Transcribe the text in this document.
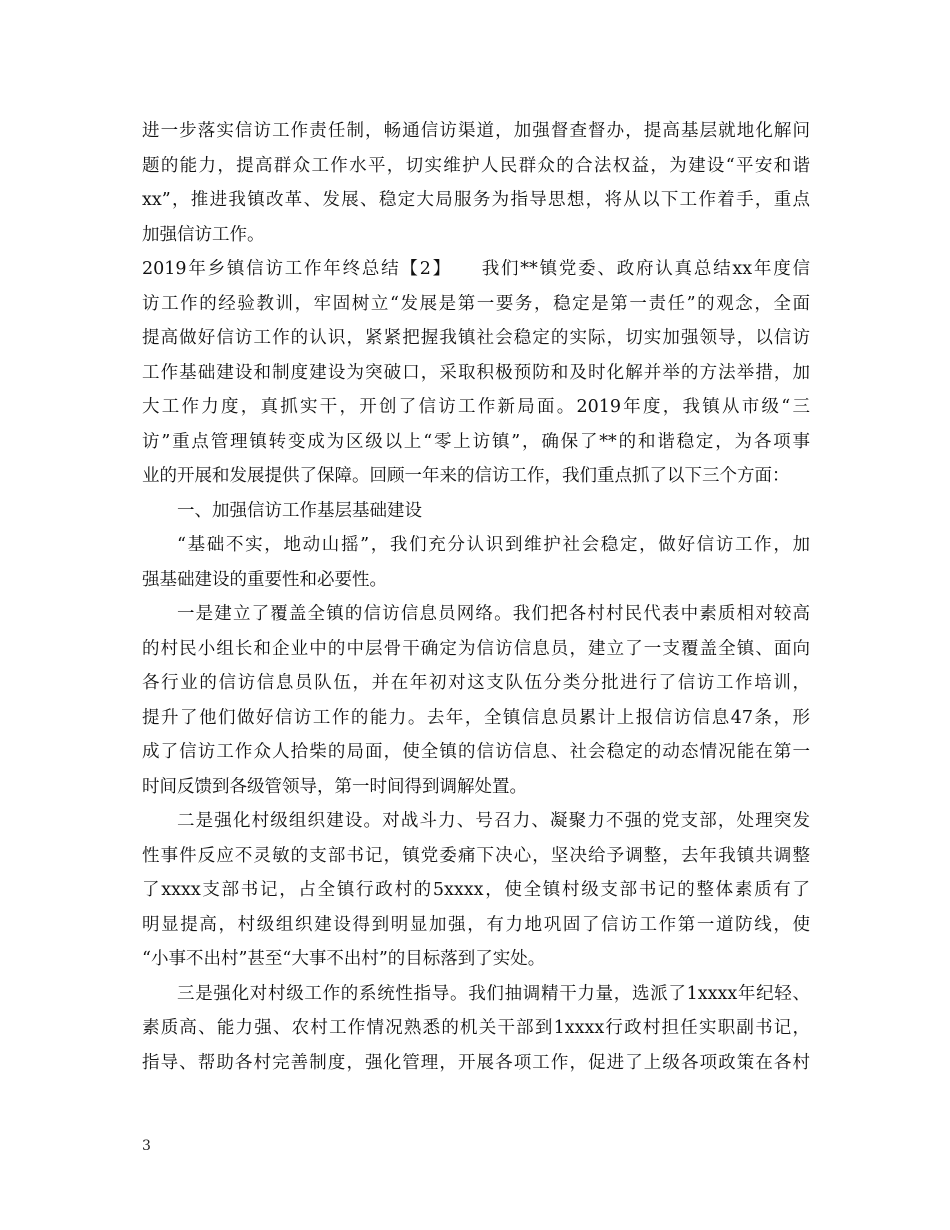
进一步落实信访工作责任制，畅通信访渠道，加强督查督办，提高基层就地化解问
题的能力，提高群众工作水平，切实维护人民群众的合法权益，为建设“平安和谐
xx”，推进我镇改革、发展、稳定大局服务为指导思想，将从以下工作着手，重点
加强信访工作。
2019年乡镇信访工作年终总结【2】　　我们**镇党委、政府认真总结xx年度信
访工作的经验教训，牢固树立“发展是第一要务，稳定是第一责任”的观念，全面
提高做好信访工作的认识，紧紧把握我镇社会稳定的实际，切实加强领导，以信访
工作基础建设和制度建设为突破口，采取积极预防和及时化解并举的方法举措，加
大工作力度，真抓实干，开创了信访工作新局面。2019年度，我镇从市级“三
访”重点管理镇转变成为区级以上“零上访镇”，确保了**的和谐稳定，为各项事
业的开展和发展提供了保障。回顾一年来的信访工作，我们重点抓了以下三个方面：
一、加强信访工作基层基础建设
“基础不实，地动山摇”，我们充分认识到维护社会稳定，做好信访工作，加
强基础建设的重要性和必要性。
一是建立了覆盖全镇的信访信息员网络。我们把各村村民代表中素质相对较高
的村民小组长和企业中的中层骨干确定为信访信息员，建立了一支覆盖全镇、面向
各行业的信访信息员队伍，并在年初对这支队伍分类分批进行了信访工作培训，
提升了他们做好信访工作的能力。去年，全镇信息员累计上报信访信息47条，形
成了信访工作众人拾柴的局面，使全镇的信访信息、社会稳定的动态情况能在第一
时间反馈到各级管领导，第一时间得到调解处置。
二是强化村级组织建设。对战斗力、号召力、凝聚力不强的党支部，处理突发
性事件反应不灵敏的支部书记，镇党委痛下决心，坚决给予调整，去年我镇共调整
了xxxx支部书记，占全镇行政村的5xxxx，使全镇村级支部书记的整体素质有了
明显提高，村级组织建设得到明显加强，有力地巩固了信访工作第一道防线，使
“小事不出村”甚至“大事不出村”的目标落到了实处。
三是强化对村级工作的系统性指导。我们抽调精干力量，选派了1xxxx年纪轻、
素质高、能力强、农村工作情况熟悉的机关干部到1xxxx行政村担任实职副书记，
指导、帮助各村完善制度，强化管理，开展各项工作，促进了上级各项政策在各村
3
